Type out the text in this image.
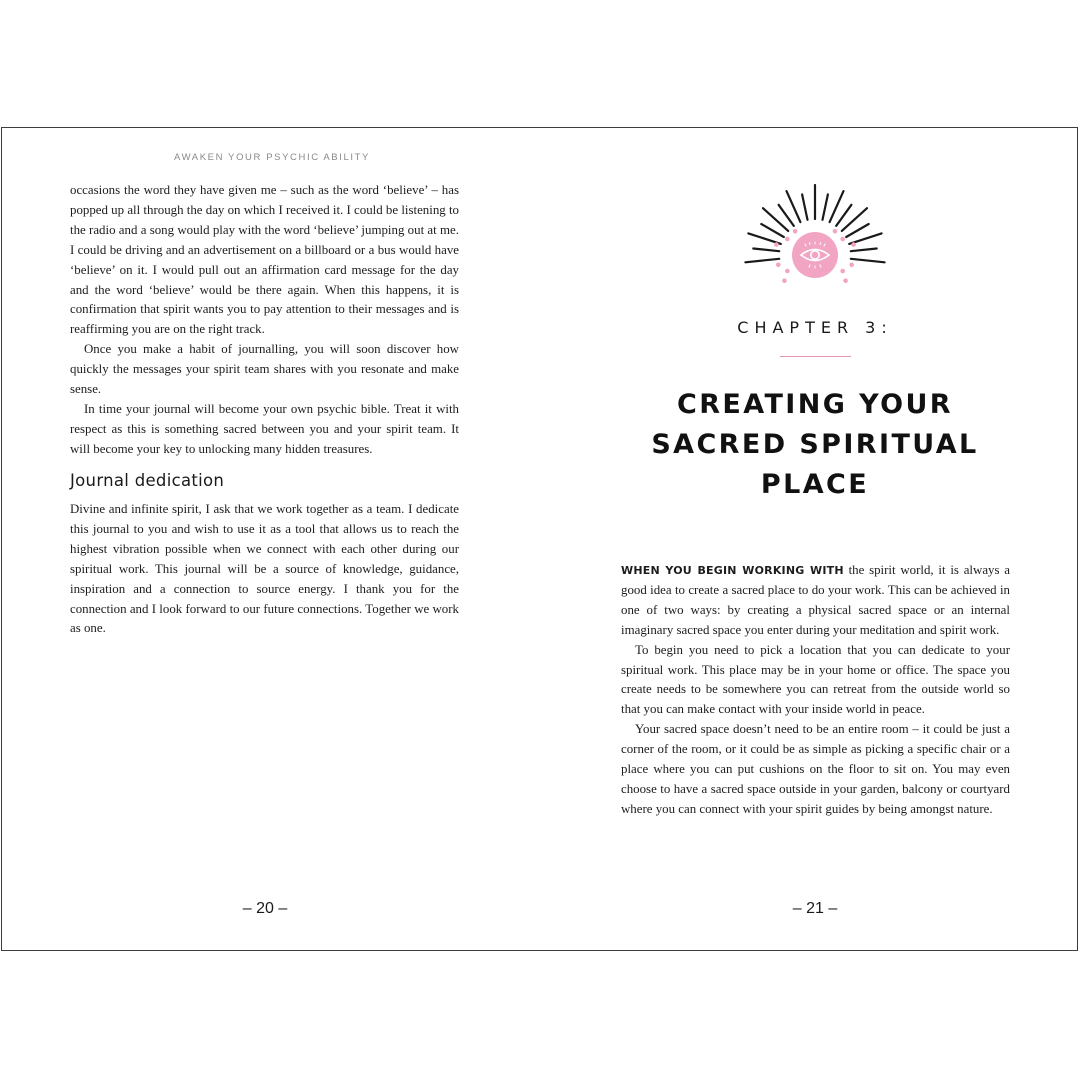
AWAKEN YOUR PSYCHIC ABILITY

occasions the word they have given me – such as the word ‘believe’ – has popped up all through the day on which I received it. I could be listening to the radio and a song would play with the word ‘believe’ jumping out at me. I could be driving and an advertisement on a billboard or a bus would have ‘believe’ on it. I would pull out an affirmation card message for the day and the word ‘believe’ would be there again. When this happens, it is confirmation that spirit wants you to pay attention to their messages and is reaffirming you are on the right track.

Once you make a habit of journalling, you will soon discover how quickly the messages your spirit team shares with you resonate and make sense.

In time your journal will become your own psychic bible. Treat it with respect as this is something sacred between you and your spirit team. It will become your key to unlocking many hidden treasures.

Journal dedication

Divine and infinite spirit, I ask that we work together as a team. I dedicate this journal to you and wish to use it as a tool that allows us to reach the highest vibration possible when we connect with each other during our spiritual work. This journal will be a source of knowledge, guidance, inspiration and a connection to source energy. I thank you for the connection and I look forward to our future connections. Together we work as one.

– 20 –
CHAPTER 3:
CREATING YOUR
SACRED SPIRITUAL
PLACE

WHEN YOU BEGIN WORKING WITH the spirit world, it is always a good idea to create a sacred place to do your work. This can be achieved in one of two ways: by creating a physical sacred space or an internal imaginary sacred space you enter during your meditation and spirit work.

To begin you need to pick a location that you can dedicate to your spiritual work. This place may be in your home or office. The space you create needs to be somewhere you can retreat from the outside world so that you can make contact with your inside world in peace.

Your sacred space doesn’t need to be an entire room – it could be just a corner of the room, or it could be as simple as picking a specific chair or a place where you can put cushions on the floor to sit on. You may even choose to have a sacred space outside in your garden, balcony or courtyard where you can connect with your spirit guides by being amongst nature.

– 21 –
